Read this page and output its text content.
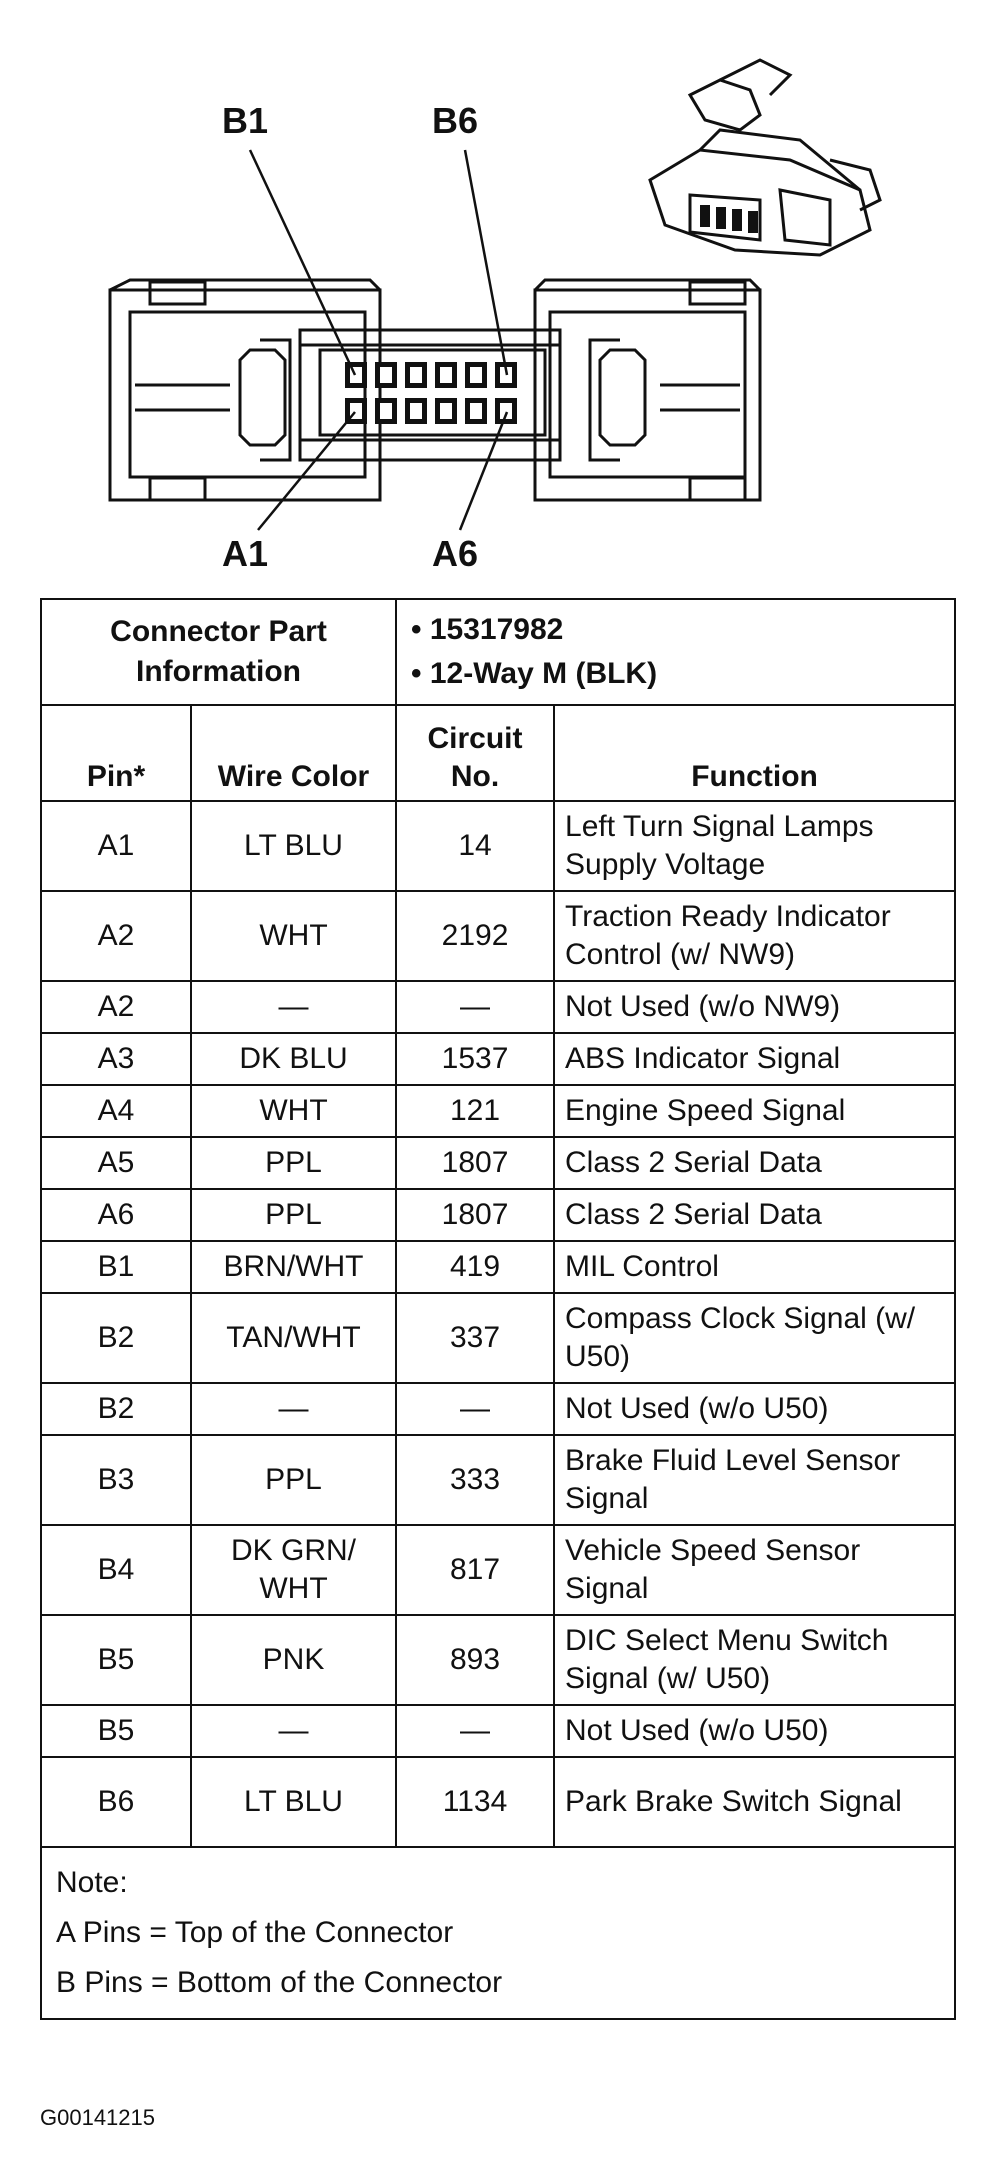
B1	B6
A1	A6
Connector Part Information		• 15317982
• 12-Way M (BLK)	

Pin*	Wire Color	Circuit No.	Function
A1	LT BLU	14	Left Turn Signal Lamps Supply Voltage
A2	WHT	2192	Traction Ready Indicator Control (w/ NW9)
A2	—	—	Not Used (w/o NW9)
A3	DK BLU	1537	ABS Indicator Signal
A4	WHT	121	Engine Speed Signal
A5	PPL	1807	Class 2 Serial Data
A6	PPL	1807	Class 2 Serial Data
B1	BRN/WHT	419	MIL Control
B2	TAN/WHT	337	Compass Clock Signal (w/ U50)
B2	—	—	Not Used (w/o U50)
B3	PPL	333	Brake Fluid Level Sensor Signal
B4	DK GRN/ WHT	817	Vehicle Speed Sensor Signal
B5	PNK	893	DIC Select Menu Switch Signal (w/ U50)
B5	—	—	Not Used (w/o U50)
B6	LT BLU	1134	Park Brake Switch Signal

Note:
A Pins = Top of the Connector
B Pins = Bottom of the Connector			
G00141215
